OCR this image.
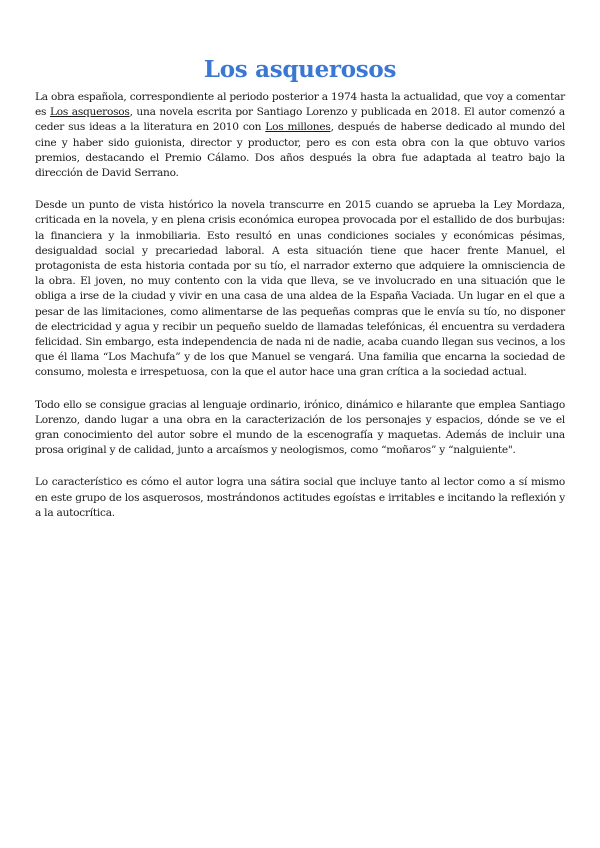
Los asquerosos

La obra española, correspondiente al periodo posterior a 1974 hasta la actualidad, que voy a comentar es Los asquerosos, una novela escrita por Santiago Lorenzo y publicada en 2018. El autor comenzó a ceder sus ideas a la literatura en 2010 con Los millones, después de haberse dedicado al mundo del cine y haber sido guionista, director y productor, pero es con esta obra con la que obtuvo varios premios, destacando el Premio Cálamo. Dos años después la obra fue adaptada al teatro bajo la dirección de David Serrano.

Desde un punto de vista histórico la novela transcurre en 2015 cuando se aprueba la Ley Mordaza, criticada en la novela, y en plena crisis económica europea provocada por el estallido de dos burbujas: la financiera y la inmobiliaria. Esto resultó en unas condiciones sociales y económicas pésimas, desigualdad social y precariedad laboral. A esta situación tiene que hacer frente Manuel, el protagonista de esta historia contada por su tío, el narrador externo que adquiere la omnisciencia de la obra. El joven, no muy contento con la vida que lleva, se ve involucrado en una situación que le obliga a irse de la ciudad y vivir en una casa de una aldea de la España Vaciada. Un lugar en el que a pesar de las limitaciones, como alimentarse de las pequeñas compras que le envía su tío, no disponer de electricidad y agua y recibir un pequeño sueldo de llamadas telefónicas, él encuentra su verdadera felicidad. Sin embargo, esta independencia de nada ni de nadie, acaba cuando llegan sus vecinos, a los que él llama “Los Machufa” y de los que Manuel se vengará. Una familia que encarna la sociedad de consumo, molesta e irrespetuosa, con la que el autor hace una gran crítica a la sociedad actual.

Todo ello se consigue gracias al lenguaje ordinario, irónico, dinámico e hilarante que emplea Santiago Lorenzo, dando lugar a una obra en la caracterización de los personajes y espacios, dónde se ve el gran conocimiento del autor sobre el mundo de la escenografía y maquetas. Además de incluir una prosa original y de calidad, junto a arcaísmos y neologismos, como “moñaros” y “nalguiente".

Lo característico es cómo el autor logra una sátira social que incluye tanto al lector como a sí mismo en este grupo de los asquerosos, mostrándonos actitudes egoístas e irritables e incitando la reflexión y a la autocrítica.
